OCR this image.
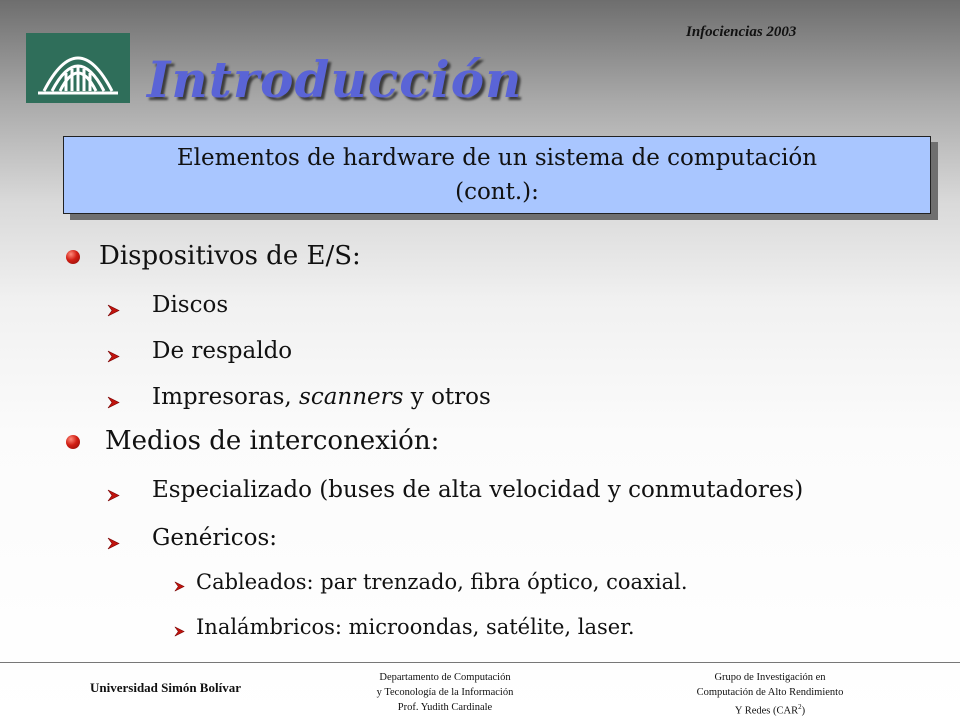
Infociencias 2003
Introducción
Elementos de hardware de un sistema de computación
(cont.):
Dispositivos de E/S:
Discos
De respaldo
Impresoras, scanners y otros
Medios de interconexión:
Especializado (buses de alta velocidad y conmutadores)
Genéricos:
Cableados: par trenzado, fibra óptico, coaxial.
Inalámbricos: microondas, satélite, laser.
Universidad Simón Bolívar
Departamento de Computación
y Teconología de la Información
Prof. Yudith Cardinale
Grupo de Investigación en
Computación de Alto Rendimiento
Y Redes (CAR$^2$)
